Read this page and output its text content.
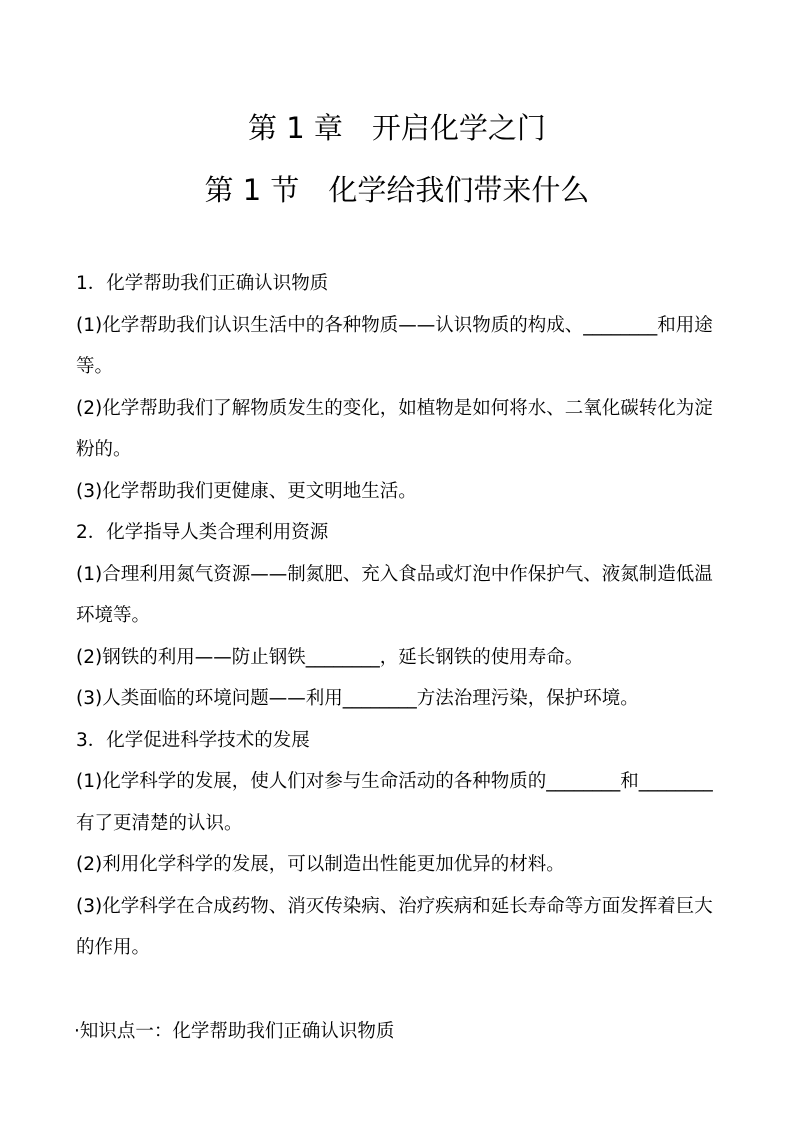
第 1 章　开启化学之门
第 1 节　化学给我们带来什么
1．化学帮助我们正确认识物质
(1)化学帮助我们认识生活中的各种物质——认识物质的构成、________和用途
等。
(2)化学帮助我们了解物质发生的变化，如植物是如何将水、二氧化碳转化为淀
粉的。
(3)化学帮助我们更健康、更文明地生活。
2．化学指导人类合理利用资源
(1)合理利用氮气资源——制氮肥、充入食品或灯泡中作保护气、液氮制造低温
环境等。
(2)钢铁的利用——防止钢铁________，延长钢铁的使用寿命。
(3)人类面临的环境问题——利用________方法治理污染，保护环境。
3．化学促进科学技术的发展
(1)化学科学的发展，使人们对参与生命活动的各种物质的________和________
有了更清楚的认识。
(2)利用化学科学的发展，可以制造出性能更加优异的材料。
(3)化学科学在合成药物、消灭传染病、治疗疾病和延长寿命等方面发挥着巨大
的作用。
·知识点一：化学帮助我们正确认识物质
